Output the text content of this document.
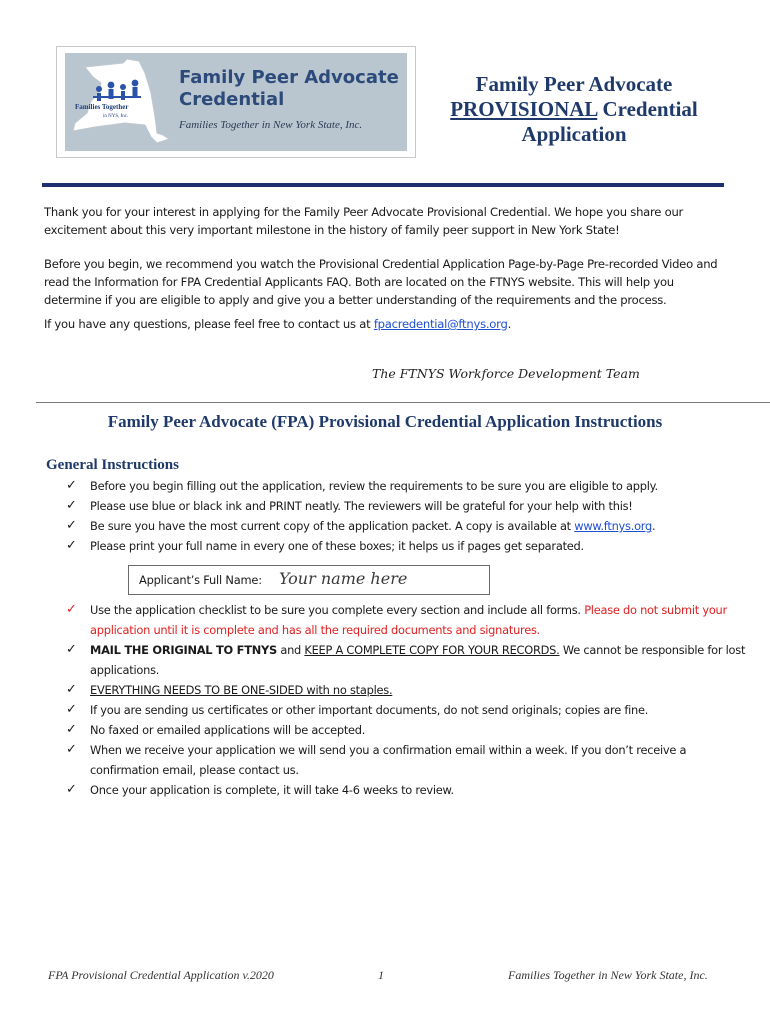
Families Together
in NYS, Inc.
Family Peer Advocate
Credential
Families Together in New York State, Inc.
Family Peer Advocate
PROVISIONAL Credential
Application

Thank you for your interest in applying for the Family Peer Advocate Provisional Credential. We hope you share our excitement about this very important milestone in the history of family peer support in New York State!

Before you begin, we recommend you watch the Provisional Credential Application Page-by-Page Pre-recorded Video and read the Information for FPA Credential Applicants FAQ. Both are located on the FTNYS website. This will help you determine if you are eligible to apply and give you a better understanding of the requirements and the process.

If you have any questions, please feel free to contact us at fpacredential@ftnys.org.

The FTNYS Workforce Development Team
Family Peer Advocate (FPA) Provisional Credential Application Instructions
General Instructions
✓ Before you begin filling out the application, review the requirements to be sure you are eligible to apply.
✓ Please use blue or black ink and PRINT neatly. The reviewers will be grateful for your help with this!
✓ Be sure you have the most current copy of the application packet. A copy is available at www.ftnys.org.
✓ Please print your full name in every one of these boxes; it helps us if pages get separated.
Applicant’s Full Name: Your name here
✓ Use the application checklist to be sure you complete every section and include all forms. Please do not submit your application until it is complete and has all the required documents and signatures.
✓ MAIL THE ORIGINAL TO FTNYS and KEEP A COMPLETE COPY FOR YOUR RECORDS. We cannot be responsible for lost applications.
✓ EVERYTHING NEEDS TO BE ONE-SIDED with no staples.
✓ If you are sending us certificates or other important documents, do not send originals; copies are fine.
✓ No faxed or emailed applications will be accepted.
✓ When we receive your application we will send you a confirmation email within a week. If you don’t receive a confirmation email, please contact us.
✓ Once your application is complete, it will take 4-6 weeks to review.
FPA Provisional Credential Application v.2020	1	Families Together in New York State, Inc.
